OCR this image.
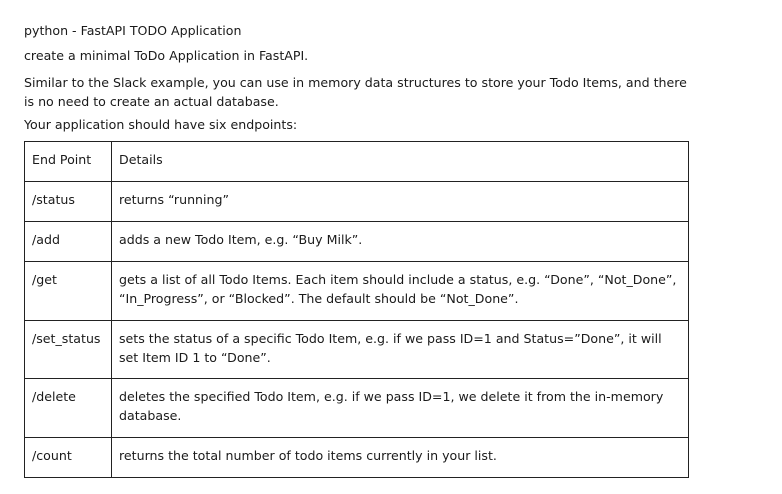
python - FastAPI TODO Application
create a minimal ToDo Application in FastAPI.
Similar to the Slack example, you can use in memory data structures to store your Todo Items, and there is no need to create an actual database.
Your application should have six endpoints:
End Point	Details
/status	returns “running”
/add	adds a new Todo Item, e.g. “Buy Milk”.
/get	gets a list of all Todo Items. Each item should include a status, e.g. “Done”, “Not_Done”, “In_Progress”, or “Blocked”. The default should be “Not_Done”.
/set_status	sets the status of a specific Todo Item, e.g. if we pass ID=1 and Status=”Done”, it will set Item ID 1 to “Done”.
/delete	deletes the specified Todo Item, e.g. if we pass ID=1, we delete it from the in-memory database.
/count	returns the total number of todo items currently in your list.
